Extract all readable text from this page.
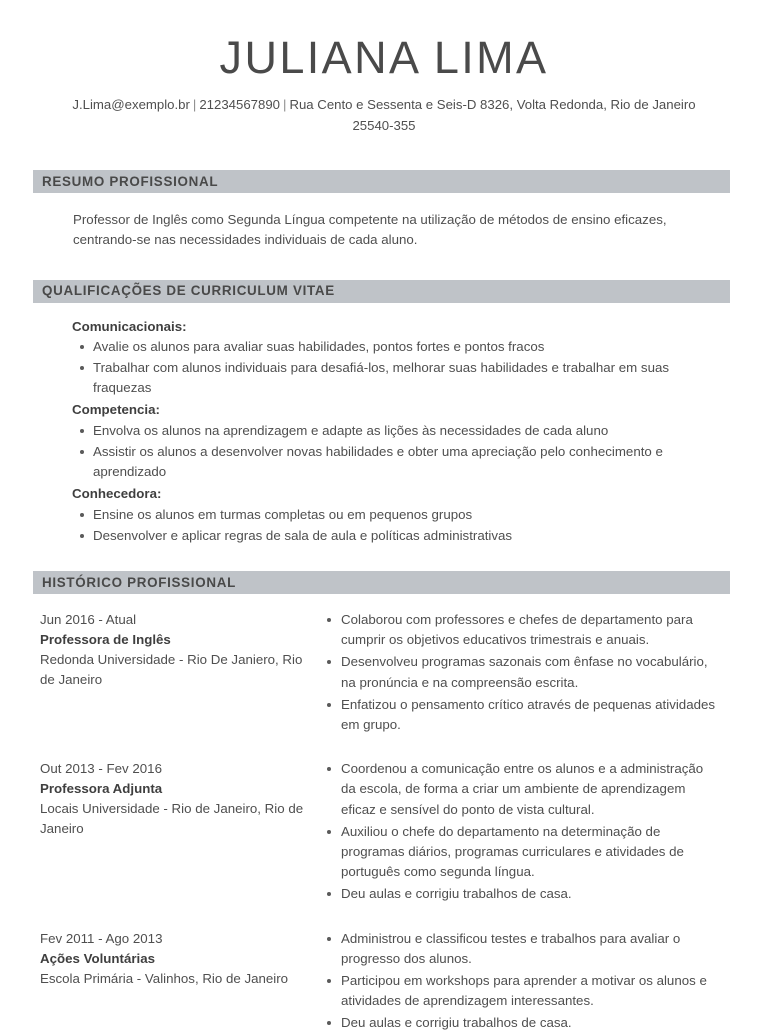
JULIANA LIMA
J.Lima@exemplo.br | 21234567890 | Rua Cento e Sessenta e Seis-D 8326, Volta Redonda, Rio de Janeiro 25540-355
RESUMO PROFISSIONAL

Professor de Inglês como Segunda Língua competente na utilização de métodos de ensino eficazes, centrando-se nas necessidades individuais de cada aluno.

QUALIFICAÇÕES DE CURRICULUM VITAE
Comunicacionais:
Avalie os alunos para avaliar suas habilidades, pontos fortes e pontos fracos
Trabalhar com alunos individuais para desafiá-los, melhorar suas habilidades e trabalhar em suas fraquezas
Competencia:
Envolva os alunos na aprendizagem e adapte as lições às necessidades de cada aluno
Assistir os alunos a desenvolver novas habilidades e obter uma apreciação pelo conhecimento e aprendizado
Conhecedora:
Ensine os alunos em turmas completas ou em pequenos grupos
Desenvolver e aplicar regras de sala de aula e políticas administrativas
HISTÓRICO PROFISSIONAL
Jun 2016 - Atual
Professora de Inglês
Redonda Universidade - Rio De Janiero, Rio de Janeiro
Colaborou com professores e chefes de departamento para cumprir os objetivos educativos trimestrais e anuais.
Desenvolveu programas sazonais com ênfase no vocabulário, na pronúncia e na compreensão escrita.
Enfatizou o pensamento crítico através de pequenas atividades em grupo.
Out 2013 - Fev 2016
Professora Adjunta
Locais Universidade - Rio de Janeiro, Rio de Janeiro
Coordenou a comunicação entre os alunos e a administração da escola, de forma a criar um ambiente de aprendizagem eficaz e sensível do ponto de vista cultural.
Auxiliou o chefe do departamento na determinação de programas diários, programas curriculares e atividades de português como segunda língua.
Deu aulas e corrigiu trabalhos de casa.
Fev 2011 - Ago 2013
Ações Voluntárias
Escola Primária - Valinhos, Rio de Janeiro
Administrou e classificou testes e trabalhos para avaliar o progresso dos alunos.
Participou em workshops para aprender a motivar os alunos e atividades de aprendizagem interessantes.
Deu aulas e corrigiu trabalhos de casa.
